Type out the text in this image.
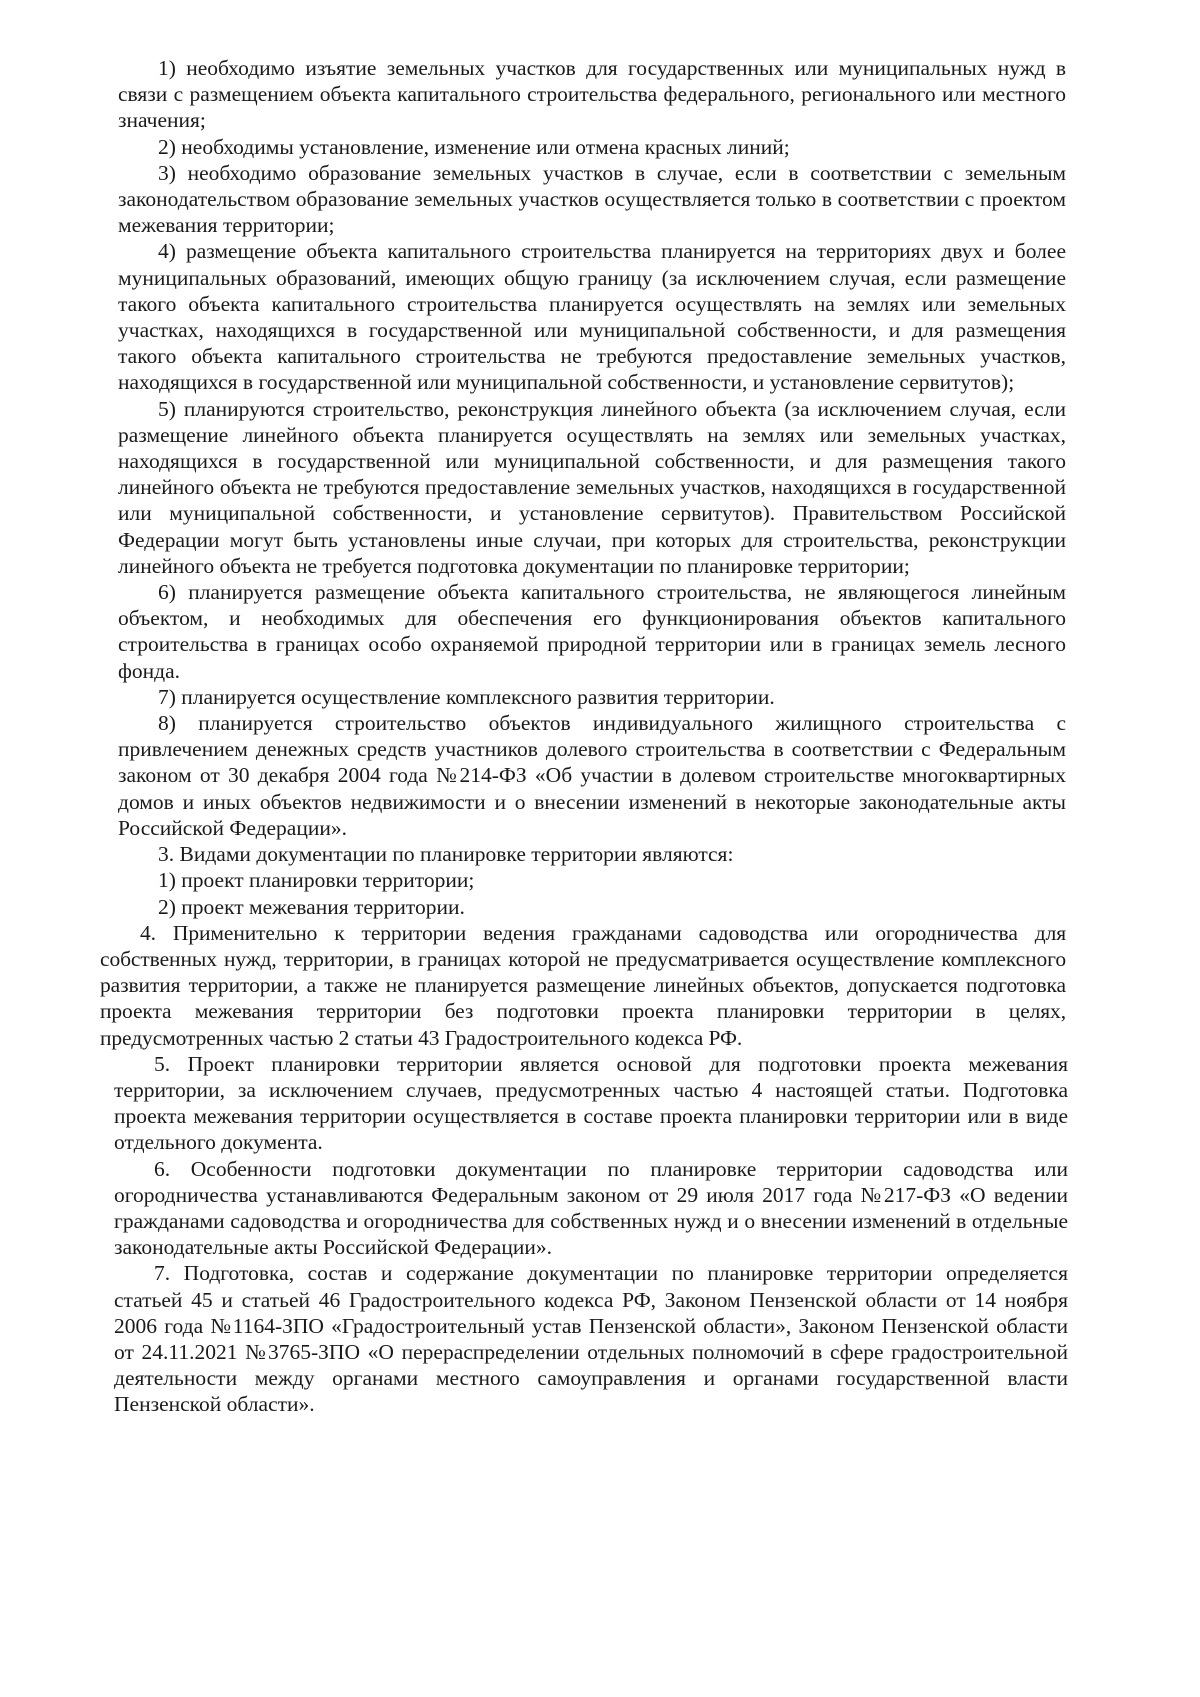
1) необходимо изъятие земельных участков для государственных или муниципальных нужд в связи с размещением объекта капитального строительства федерального, регионального или местного значения;

2) необходимы установление, изменение или отмена красных линий;

3) необходимо образование земельных участков в случае, если в соответствии с земельным законодательством образование земельных участков осуществляется только в соответствии с проектом межевания территории;

4) размещение объекта капитального строительства планируется на территориях двух и более муниципальных образований, имеющих общую границу (за исключением случая, если размещение такого объекта капитального строительства планируется осуществлять на землях или земельных участках, находящихся в государственной или муниципальной собственности, и для размещения такого объекта капитального строительства не требуются предоставление земельных участков, находящихся в государственной или муниципальной собственности, и установление сервитутов);

5) планируются строительство, реконструкция линейного объекта (за исключением случая, если размещение линейного объекта планируется осуществлять на землях или земельных участках, находящихся в государственной или муниципальной собственности, и для размещения такого линейного объекта не требуются предоставление земельных участков, находящихся в государственной или муниципальной собственности, и установление сервитутов). Правительством Российской Федерации могут быть установлены иные случаи, при которых для строительства, реконструкции линейного объекта не требуется подготовка документации по планировке территории;

6) планируется размещение объекта капитального строительства, не являющегося линейным объектом, и необходимых для обеспечения его функционирования объектов капитального строительства в границах особо охраняемой природной территории или в границах земель лесного фонда.

7) планируется осуществление комплексного развития территории.

8) планируется строительство объектов индивидуального жилищного строительства с привлечением денежных средств участников долевого строительства в соответствии с Федеральным законом от 30 декабря 2004 года №214-ФЗ «Об участии в долевом строительстве многоквартирных домов и иных объектов недвижимости и о внесении изменений в некоторые законодательные акты Российской Федерации».

3. Видами документации по планировке территории являются:

1) проект планировки территории;

2) проект межевания территории.

4. Применительно к территории ведения гражданами садоводства или огородничества для собственных нужд, территории, в границах которой не предусматривается осуществление комплексного развития территории, а также не планируется размещение линейных объектов, допускается подготовка проекта межевания территории без подготовки проекта планировки территории в целях, предусмотренных частью 2 статьи 43 Градостроительного кодекса РФ.

5. Проект планировки территории является основой для подготовки проекта межевания территории, за исключением случаев, предусмотренных частью 4 настоящей статьи. Подготовка проекта межевания территории осуществляется в составе проекта планировки территории или в виде отдельного документа.

6. Особенности подготовки документации по планировке территории садоводства или огородничества устанавливаются Федеральным законом от 29 июля 2017 года №217-ФЗ «О ведении гражданами садоводства и огородничества для собственных нужд и о внесении изменений в отдельные законодательные акты Российской Федерации».

7. Подготовка, состав и содержание документации по планировке территории определяется статьей 45 и статьей 46 Градостроительного кодекса РФ, Законом Пензенской области от 14 ноября 2006 года №1164-ЗПО «Градостроительный устав Пензенской области», Законом Пензенской области от 24.11.2021 №3765-ЗПО «О перераспределении отдельных полномочий в сфере градостроительной деятельности между органами местного самоуправления и органами государственной власти Пензенской области».
